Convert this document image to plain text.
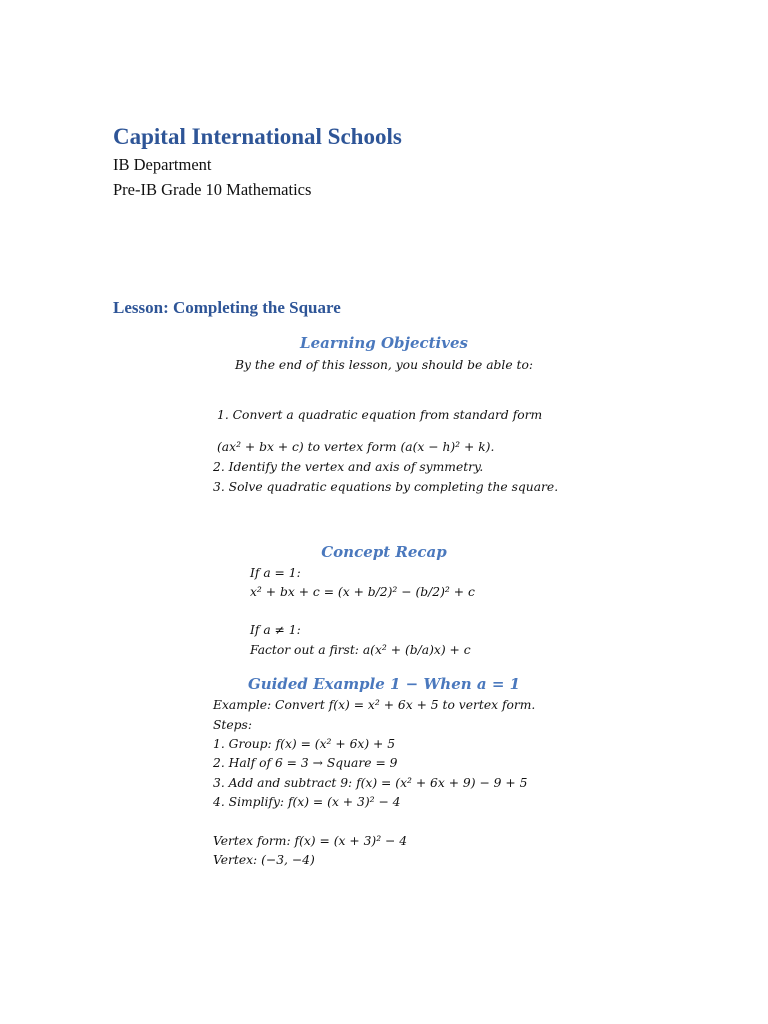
Capital International Schools
IB Department
Pre-IB Grade 10 Mathematics
Lesson: Completing the Square
Learning Objectives
By the end of this lesson, you should be able to:
1. Convert a quadratic equation from standard form
(ax² + bx + c) to vertex form (a(x − h)² + k).
2. Identify the vertex and axis of symmetry.
3. Solve quadratic equations by completing the square.
Concept Recap
If a = 1:
x² + bx + c = (x + b/2)² − (b/2)² + c
If a ≠ 1:
Factor out a first: a(x² + (b/a)x) + c
Guided Example 1 − When a = 1
Example: Convert f(x) = x² + 6x + 5 to vertex form.
Steps:
1. Group: f(x) = (x² + 6x) + 5
2. Half of 6 = 3 → Square = 9
3. Add and subtract 9: f(x) = (x² + 6x + 9) − 9 + 5
4. Simplify: f(x) = (x + 3)² − 4
Vertex form: f(x) = (x + 3)² − 4
Vertex: (−3, −4)
